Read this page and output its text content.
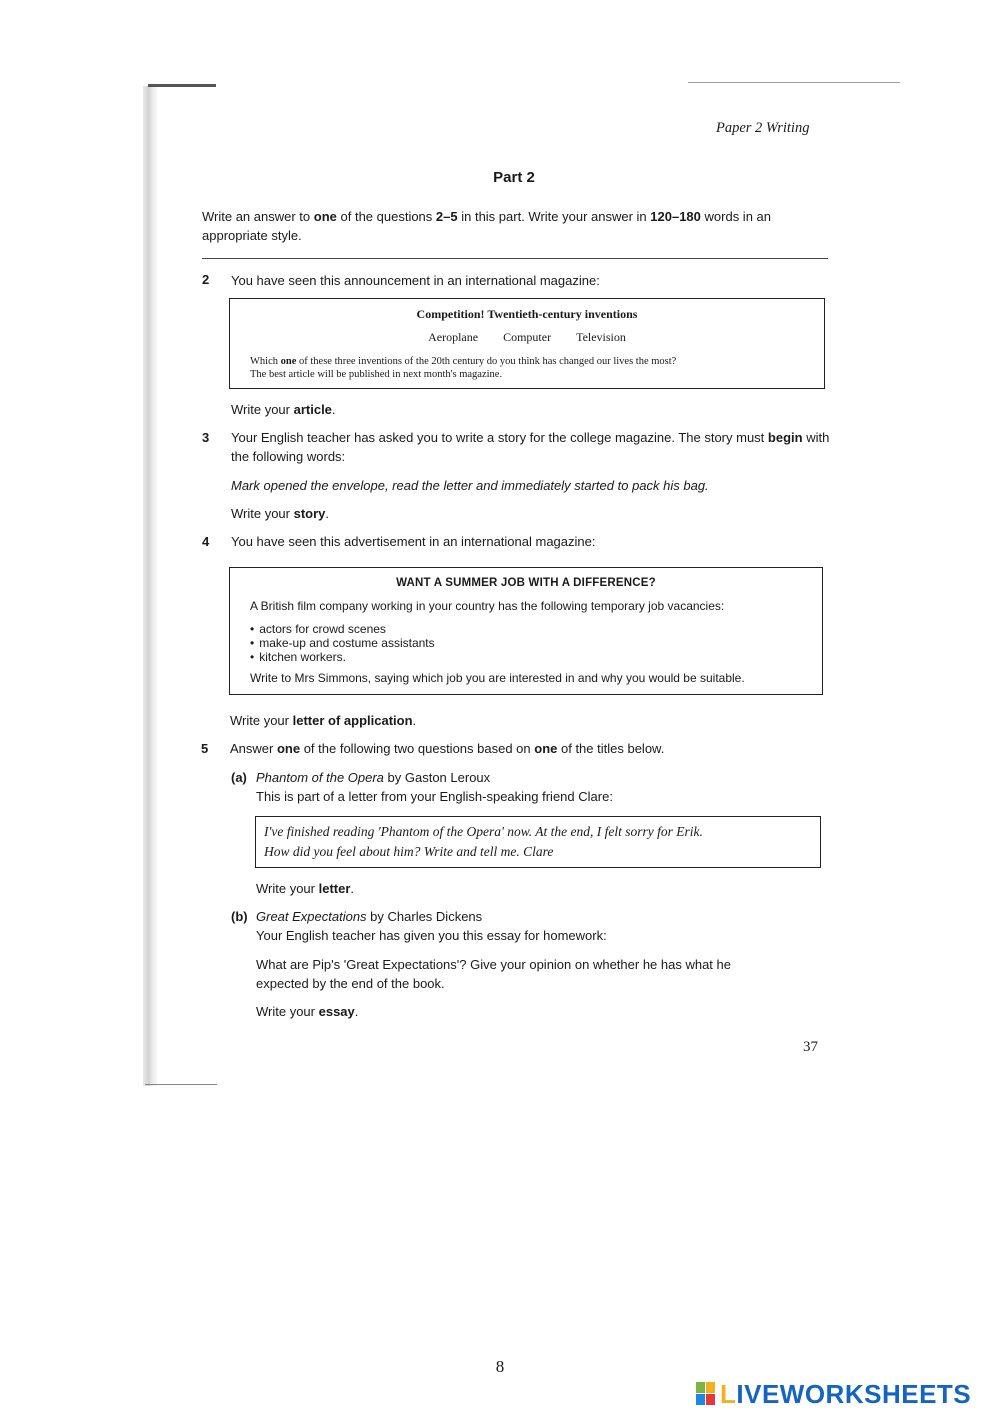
Paper 2 Writing
Part 2
Write an answer to one of the questions 2–5 in this part. Write your answer in 120–180 words in an appropriate style.
2 You have seen this announcement in an international magazine:
Competition! Twentieth-century inventions
Aeroplane Computer Television
Which one of these three inventions of the 20th century do you think has changed our lives the most?
The best article will be published in next month's magazine.
Write your article.
3 Your English teacher has asked you to write a story for the college magazine. The story must begin with the following words:
Mark opened the envelope, read the letter and immediately started to pack his bag.
Write your story.
4 You have seen this advertisement in an international magazine:
WANT A SUMMER JOB WITH A DIFFERENCE?
A British film company working in your country has the following temporary job vacancies:
• actors for crowd scenes
• make-up and costume assistants
• kitchen workers.
Write to Mrs Simmons, saying which job you are interested in and why you would be suitable.
Write your letter of application.
5 Answer one of the following two questions based on one of the titles below.
(a) Phantom of the Opera by Gaston Leroux
This is part of a letter from your English-speaking friend Clare:
I've finished reading 'Phantom of the Opera' now. At the end, I felt sorry for Erik.
How did you feel about him? Write and tell me. Clare
Write your letter.
(b) Great Expectations by Charles Dickens
Your English teacher has given you this essay for homework:
What are Pip's 'Great Expectations'? Give your opinion on whether he has what he
expected by the end of the book.
Write your essay.
37
8
LIVEWORKSHEETS
